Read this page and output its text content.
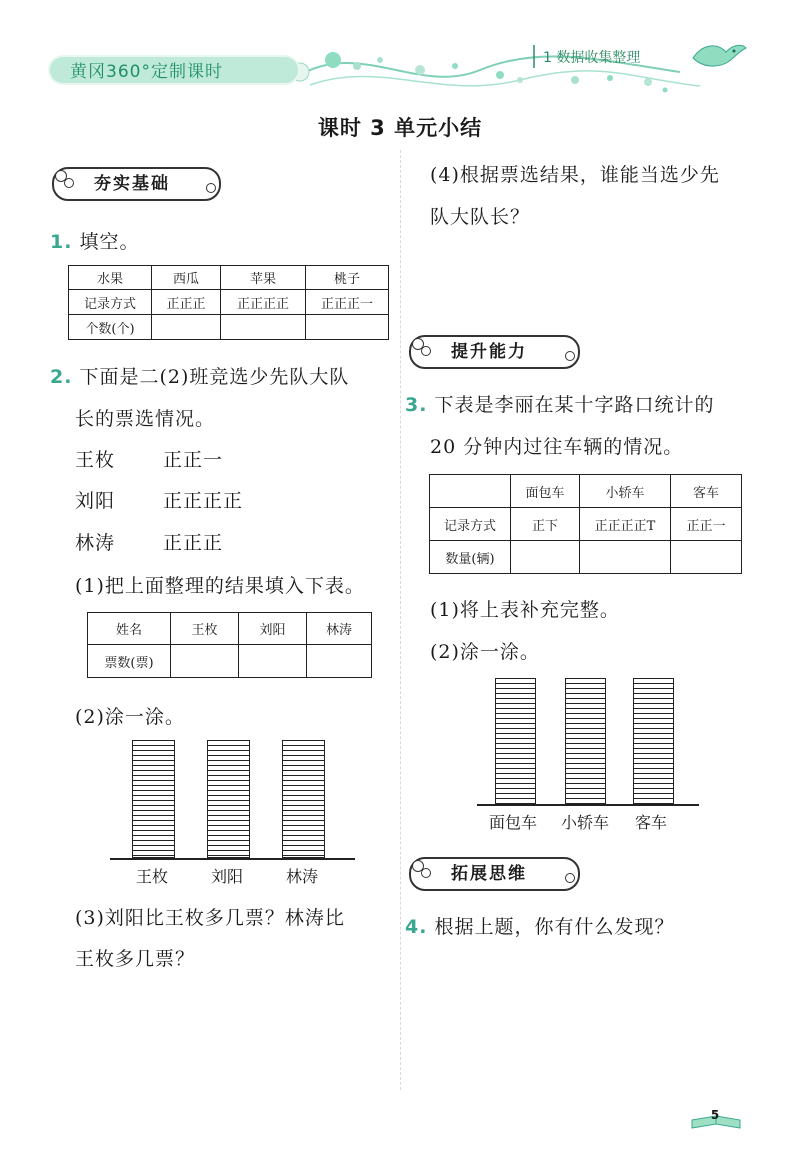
黄冈360°定制课时
1 数据收集整理
课时 3 单元小结
夯实基础
1. 填空。
水果	西瓜	苹果	桃子
记录方式	正正正	正正正正	正正正一
个数(个)			
2. 下面是二(2)班竞选少先队大队
长的票选情况。
王枚	正正一
刘阳	正正正正
林涛	正正正
(1)把上面整理的结果填入下表。
姓名	王枚	刘阳	林涛
票数(票)			
(2)涂一涂。
王枚	刘阳	林涛
(3)刘阳比王枚多几票？林涛比
王枚多几票？
(4)根据票选结果，谁能当选少先
队大队长？
提升能力
3. 下表是李丽在某十字路口统计的
20 分钟内过往车辆的情况。
	面包车	小轿车	客车
记录方式	正下	正正正正T	正正一
数量(辆)			
(1)将上表补充完整。
(2)涂一涂。
面包车 小轿车 客车
拓展思维
4. 根据上题，你有什么发现？
5
